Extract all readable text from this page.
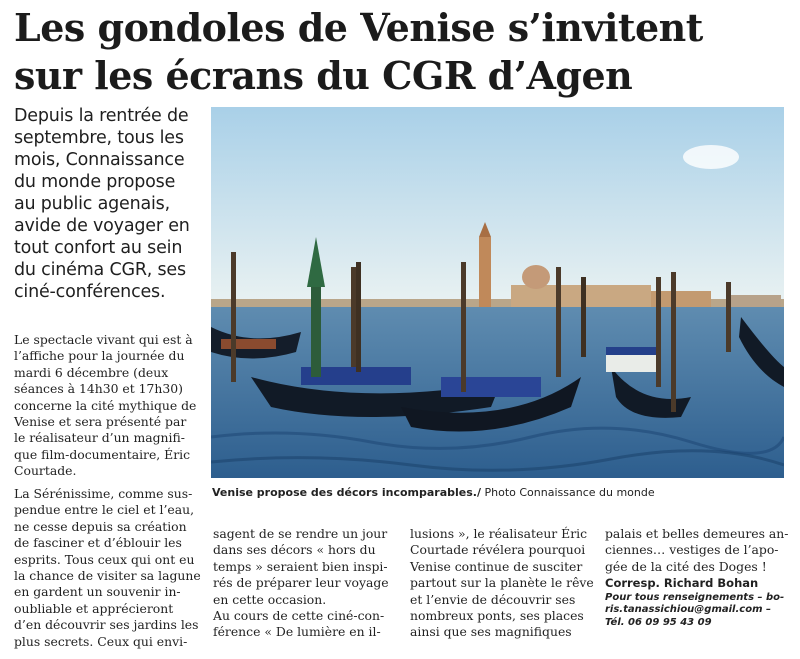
Les gondoles de Venise s’invitent
sur les écrans du CGR d’Agen
Depuis la rentrée de
septembre, tous les
mois, Connaissance
du monde propose
au public agenais,
avide de voyager en
tout confort au sein
du cinéma CGR, ses
ciné-conférences.
Venise propose des décors incomparables./ Photo Connaissance du monde
Le spectacle vivant qui est à
l’affiche pour la journée du
mardi 6 décembre (deux
séances à 14h30 et 17h30)
concerne la cité mythique de
Venise et sera présenté par
le réalisateur d’un magnifi-
que film-documentaire, Éric
Courtade.
La Sérénissime, comme sus-
pendue entre le ciel et l’eau,
ne cesse depuis sa création
de fasciner et d’éblouir les
esprits. Tous ceux qui ont eu
la chance de visiter sa lagune
en gardent un souvenir in-
oubliable et apprécieront
d’en découvrir ses jardins les
plus secrets. Ceux qui envi-
sagent de se rendre un jour
dans ses décors « hors du
temps » seraient bien inspi-
rés de préparer leur voyage
en cette occasion.
Au cours de cette ciné-con-
férence « De lumière en il-
lusions », le réalisateur Éric
Courtade révélera pourquoi
Venise continue de susciter
partout sur la planète le rêve
et l’envie de découvrir ses
nombreux ponts, ses places
ainsi que ses magnifiques
palais et belles demeures an-
ciennes… vestiges de l’apo-
gée de la cité des Doges !
Corresp. Richard Bohan
Pour tous renseignements – bo-
ris.tanassichiou@gmail.com –
Tél. 06 09 95 43 09
